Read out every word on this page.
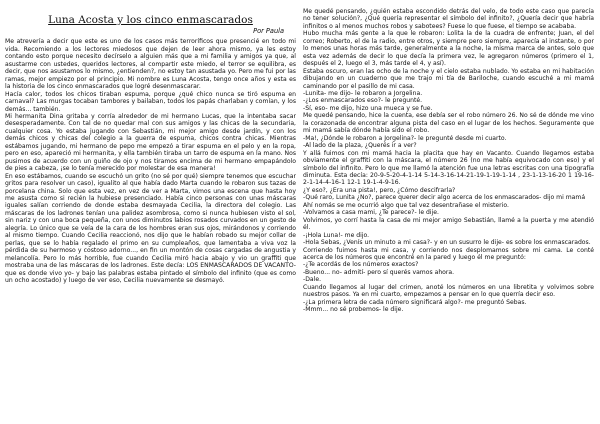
Luna Acosta y los cinco enmascarados
Por Paula

Me atrevería a decir que este es uno de los casos más terroríficos que presencié en todo mi vida. Recomiendo a los lectores miedosos que dejen de leer ahora mismo, ya les estoy contando esto porque necesito decírselo a alguien más que a mi familia y amigos ya que, al asustarme con ustedes, queridos lectores, al compartir este miedo, el terror se equilibra, es decir, que nos asustamos lo mismo, ¿entienden?, no estoy tan asustada yo. Pero me fui por las ramas, mejor empiezo por el principio. Mi nombre es Luna Acosta, tengo once años y esta es la historia de los cinco enmascarados que logré desenmascarar.

Hacía calor, todos los chicos tiraban espuma, porque ¿qué chico nunca se tiró espuma en carnaval? Las murgas tocaban tambores y bailaban, todos los papás charlaban y comían, y los demás... también.

Mi hermanita Dina gritaba y corría alrededor de mi hermano Lucas, que la intentaba sacar desesperadamente. Con tal de no quedar mal con sus amigos y las chicas de la secundaria, cualquier cosa. Yo estaba jugando con Sebastián, mi mejor amigo desde jardín, y con los demás chicos y chicas del colegio a la guerra de espuma, chicos contra chicas. Mientras estábamos jugando, mi hermano de pepo me empezó a tirar espuma en el pelo y en la ropa, pero en eso, apareció mi hermanita, y ella también tiraba un tarro de espuma en la mano. Nos pusimos de acuerdo con un guiño de ojo y nos tiramos encima de mi hermano empapándolo de pies a cabeza, ¡se lo tenía merecido por molestar de esa manera!

En eso estábamos, cuando se escuchó un grito (no sé por qué) siempre tenemos que escuchar gritos para resolver un caso), igualito al que había dado Marta cuando le robaron sus tazas de porcelana china. Solo que esta vez, en vez de ver a Marta, vimos una escena que hasta hoy me asusta como si recién la hubiese presenciado. Había cinco personas con unas máscaras iguales salían corriendo de donde estaba desmayada Cecilia, la directora del colegio. Las máscaras de los ladrones tenían una palidez asombrosa, como si nunca hubiesen visto el sol, sin nariz y con una boca pequeña, con unos diminutos labios rosados curvados en un gesto de alegría. Lo único que se veía de la cara de los hombres eran sus ojos, mirándonos y corriendo al mismo tiempo. Cuando Cecilia reaccionó, nos dijo que le habían robado su mejor collar de perlas, que se lo había regalado el primo en su cumpleaños, que lamentaba a viva voz la pérdida de su hermoso y costoso adorno..., en fin un montón de cosas cargadas de angustia y melancolía. Pero lo más horrible, fue cuando Cecilia miró hacia abajo y vio un graffiti que mostraba una de las máscaras de los ladrones. Este decía: LOS ENMASCARADOS DE VACANTO-que es donde vivo yo- y bajo las palabras estaba pintado el símbolo del infinito (que es como un ocho acostado) y luego de ver eso, Cecilia nuevamente se desmayó.

Me quedé pensando, ¿quién estaba escondido detrás del velo, de todo este caso que parecía no tener solución?, ¿Qué quería representar el símbolo del infinito?, ¿Quería decir que habría infinitos o al menos muchos robos y sabotees? Fuese lo que fuese, el tiempo se acababa.

Hubo mucha más gente a la que le robaron: Lolita la de la cuadra de enfrente; Juan, el del correo; Roberto, el de la radio, entre otros, y siempre pero siempre, aparecía al instante, o por lo menos unas horas más tarde, generalmente a la noche, la misma marca de antes, solo que esta vez además de decir lo que decía la primera vez, le agregaron números (primero el 1, después el 2, luego el 3, más tarde el 4, y así).

Estaba oscuro, eran las ocho de la noche y el cielo estaba nublado. Yo estaba en mi habitación dibujando en un cuaderno que me trajo mi tía de Bariloche, cuando escuché a mi mamá caminando por el pasillo de mi casa.

-Lunita- me dijo- le robaron a Jorgelina.

-¿Los enmascarados eso?- le pregunté.

-Sí, eso- me dijo, hizo una mueca y se fue.

Me quedé pensando, hice la cuenta, ese debía ser el robo número 26. No sé de dónde me vino la corazonada de encontrar alguna pista del caso en el lugar de los hechos. Seguramente que mi mamá sabía dónde había sido el robo.

-Ma!, ¿Dónde le robaron a Jorgelina?- le pregunté desde mi cuarto.

-Al lado de la plaza, ¿Querés ir a ver?

Y allá fuimos con mi mamá hacia la placita que hay en Vacanto. Cuando llegamos estaba obviamente el graffiti con la máscara, el número 26 (no me había equivocado con eso) y el símbolo del infinito. Pero lo que me llamó la atención fue una letras escritas con una tipografía diminuta. Esta decía: 20-9-5-20-4-1-14 5-14-3-16-14-21-19-1-19-1-14 , 23-1-13-16-20 1 19-16-2-1-14-4-16-1 12-1 19-1-4-9-16.

¿Y eso?, ¿Era una pista!, pero, ¿Cómo descifrarla?

-Qué raro, Lunita ¿No?, parece querer decir algo acerca de los enmascarados- dijo mi mamá

Ahí nomás se me ocurrió algo que tal vez desentrañase el misterio.

-Volvamos a casa mami, ¿Te parece?- le dije.

Volvimos, yo corrí hasta la casa de mi mejor amigo Sebastián, llamé a la puerta y me atendió él.

-¡Hola Luna!- me dijo.

-Hola Sebas, ¿Venís un minuto a mi casa?- y en un susurro le dije- es sobre los enmascarados.

Corriendo fuimos hasta mi casa, y corriendo nos desplomamos sobre mi cama. Le conté acerca de los números que encontré en la pared y luego él me preguntó:

-¿Te acordás de los números exactos?

-Bueno... no- admití- pero sí querés vamos ahora.

-Dale.

Cuando llegamos al lugar del crimen, anoté los números en una libretita y volvimos sobre nuestros pasos. Ya en mi cuarto, empezamos a pensar en lo que querría decir eso.

-¿La primera letra de cada número significará algo?- me preguntó Sebas.

-Mmm... no sé probemos- le dije.
